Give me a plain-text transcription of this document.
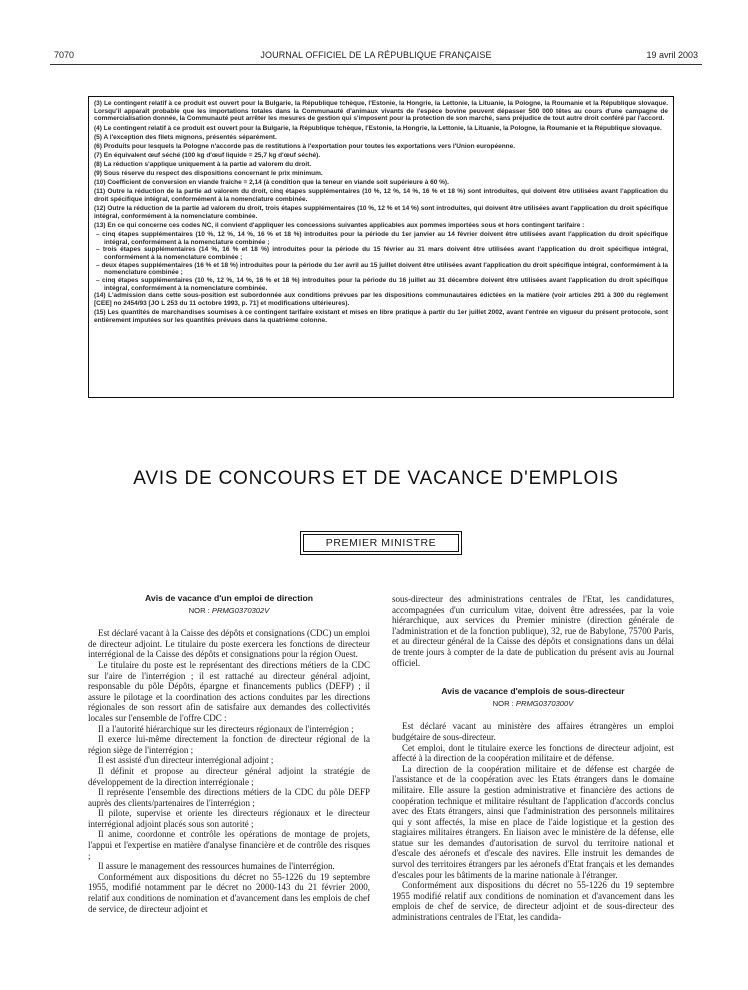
7070	JOURNAL OFFICIEL DE LA RÉPUBLIQUE FRANÇAISE	19 avril 2003

(3) Le contingent relatif à ce produit est ouvert pour la Bulgarie, la République tchèque, l'Estonie, la Hongrie, la Lettonie, la Lituanie, la Pologne, la Roumanie et la République slovaque. Lorsqu'il apparaît probable que les importations totales dans la Communauté d'animaux vivants de l'espèce bovine peuvent dépasser 500 000 têtes au cours d'une campagne de commercialisation donnée, la Communauté peut arrêter les mesures de gestion qui s'imposent pour la protection de son marché, sans préjudice de tout autre droit conféré par l'accord.

(4) Le contingent relatif à ce produit est ouvert pour la Bulgarie, la République tchèque, l'Estonie, la Hongrie, la Lettonie, la Lituanie, la Pologne, la Roumanie et la République slovaque.

(5) A l'exception des filets mignons, présentés séparément.

(6) Produits pour lesquels la Pologne n'accorde pas de restitutions à l'exportation pour toutes les exportations vers l'Union européenne.

(7) En équivalent œuf séché (100 kg d'œuf liquide = 25,7 kg d'œuf séché).

(8) La réduction s'applique uniquement à la partie ad valorem du droit.

(9) Sous réserve du respect des dispositions concernant le prix minimum.

(10) Coefficient de conversion en viande fraîche = 2,14 (à condition que la teneur en viande soit supérieure à 60 %).

(11) Outre la réduction de la partie ad valorem du droit, cinq étapes supplémentaires (10 %, 12 %, 14 %, 16 % et 18 %) sont introduites, qui doivent être utilisées avant l'application du droit spécifique intégral, conformément à la nomenclature combinée.

(12) Outre la réduction de la partie ad valorem du droit, trois étapes supplémentaires (10 %, 12 % et 14 %) sont introduites, qui doivent être utilisées avant l'application du droit spécifique intégral, conformément à la nomenclature combinée.

(13) En ce qui concerne ces codes NC, il convient d'appliquer les concessions suivantes applicables aux pommes importées sous et hors contingent tarifaire :

– cinq étapes supplémentaires (10 %, 12 %, 14 %, 16 % et 18 %) introduites pour la période du 1er janvier au 14 février doivent être utilisées avant l'application du droit spécifique intégral, conformément à la nomenclature combinée ;
– trois étapes supplémentaires (14 %, 16 % et 18 %) introduites pour la période du 15 février au 31 mars doivent être utilisées avant l'application du droit spécifique intégral, conformément à la nomenclature combinée ;
– deux étapes supplémentaires (16 % et 18 %) introduites pour la période du 1er avril au 15 juillet doivent être utilisées avant l'application du droit spécifique intégral, conformément à la nomenclature combinée ;
– cinq étapes supplémentaires (10 %, 12 %, 14 %, 16 % et 18 %) introduites pour la période du 16 juillet au 31 décembre doivent être utilisées avant l'application du droit spécifique intégral, conformément à la nomenclature combinée.

(14) L'admission dans cette sous-position est subordonnée aux conditions prévues par les dispositions communautaires édictées en la matière (voir articles 291 à 300 du règlement [CEE] no 2454/93 [JO L 253 du 11 octobre 1993, p. 71] et modifications ultérieures).

(15) Les quantités de marchandises soumises à ce contingent tarifaire existant et mises en libre pratique à partir du 1er juillet 2002, avant l'entrée en vigueur du présent protocole, sont entièrement imputées sur les quantités prévues dans la quatrième colonne.

AVIS DE CONCOURS ET DE VACANCE D'EMPLOIS
PREMIER MINISTRE
Avis de vacance d'un emploi de direction
NOR : PRMG0370302V

Est déclaré vacant à la Caisse des dépôts et consignations (CDC) un emploi de directeur adjoint. Le titulaire du poste exercera les fonctions de directeur interrégional de la Caisse des dépôts et consignations pour la région Ouest.

Le titulaire du poste est le représentant des directions métiers de la CDC sur l'aire de l'interrégion ; il est rattaché au directeur général adjoint, responsable du pôle Dépôts, épargne et financements publics (DEFP) ; il assure le pilotage et la coordination des actions conduites par les directions régionales de son ressort afin de satisfaire aux demandes des collectivités locales sur l'ensemble de l'offre CDC :

Il a l'autorité hiérarchique sur les directeurs régionaux de l'interrégion ;

Il exerce lui-même directement la fonction de directeur régional de la région siège de l'interrégion ;

Il est assisté d'un directeur interrégional adjoint ;

Il définit et propose au directeur général adjoint la stratégie de développement de la direction interrégionale ;

Il représente l'ensemble des directions métiers de la CDC du pôle DEFP auprès des clients/partenaires de l'interrégion ;

Il pilote, supervise et oriente les directeurs régionaux et le directeur interrégional adjoint placés sous son autorité ;

Il anime, coordonne et contrôle les opérations de montage de projets, l'appui et l'expertise en matière d'analyse financière et de contrôle des risques ;

Il assure le management des ressources humaines de l'interrégion.

Conformément aux dispositions du décret no 55-1226 du 19 septembre 1955, modifié notamment par le décret no 2000-143 du 21 février 2000, relatif aux conditions de nomination et d'avancement dans les emplois de chef de service, de directeur adjoint et

sous-directeur des administrations centrales de l'Etat, les candidatures, accompagnées d'un curriculum vitae, doivent être adressées, par la voie hiérarchique, aux services du Premier ministre (direction générale de l'administration et de la fonction publique), 32, rue de Babylone, 75700 Paris, et au directeur général de la Caisse des dépôts et consignations dans un délai de trente jours à compter de la date de publication du présent avis au Journal officiel.

Avis de vacance d'emplois de sous-directeur
NOR : PRMG0370300V

Est déclaré vacant au ministère des affaires étrangères un emploi budgétaire de sous-directeur.

Cet emploi, dont le titulaire exerce les fonctions de directeur adjoint, est affecté à la direction de la coopération militaire et de défense.

La direction de la coopération militaire et de défense est chargée de l'assistance et de la coopération avec les Etats étrangers dans le domaine militaire. Elle assure la gestion administrative et financière des actions de coopération technique et militaire résultant de l'application d'accords conclus avec des Etats étrangers, ainsi que l'administration des personnels militaires qui y sont affectés, la mise en place de l'aide logistique et la gestion des stagiaires militaires étrangers. En liaison avec le ministère de la défense, elle statue sur les demandes d'autorisation de survol du territoire national et d'escale des aéronefs et d'escale des navires. Elle instruit les demandes de survol des territoires étrangers par les aéronefs d'Etat français et les demandes d'escales pour les bâtiments de la marine nationale à l'étranger.

Conformément aux dispositions du décret no 55-1226 du 19 septembre 1955 modifié relatif aux conditions de nomination et d'avancement dans les emplois de chef de service, de directeur adjoint et de sous-directeur des administrations centrales de l'Etat, les candida-
